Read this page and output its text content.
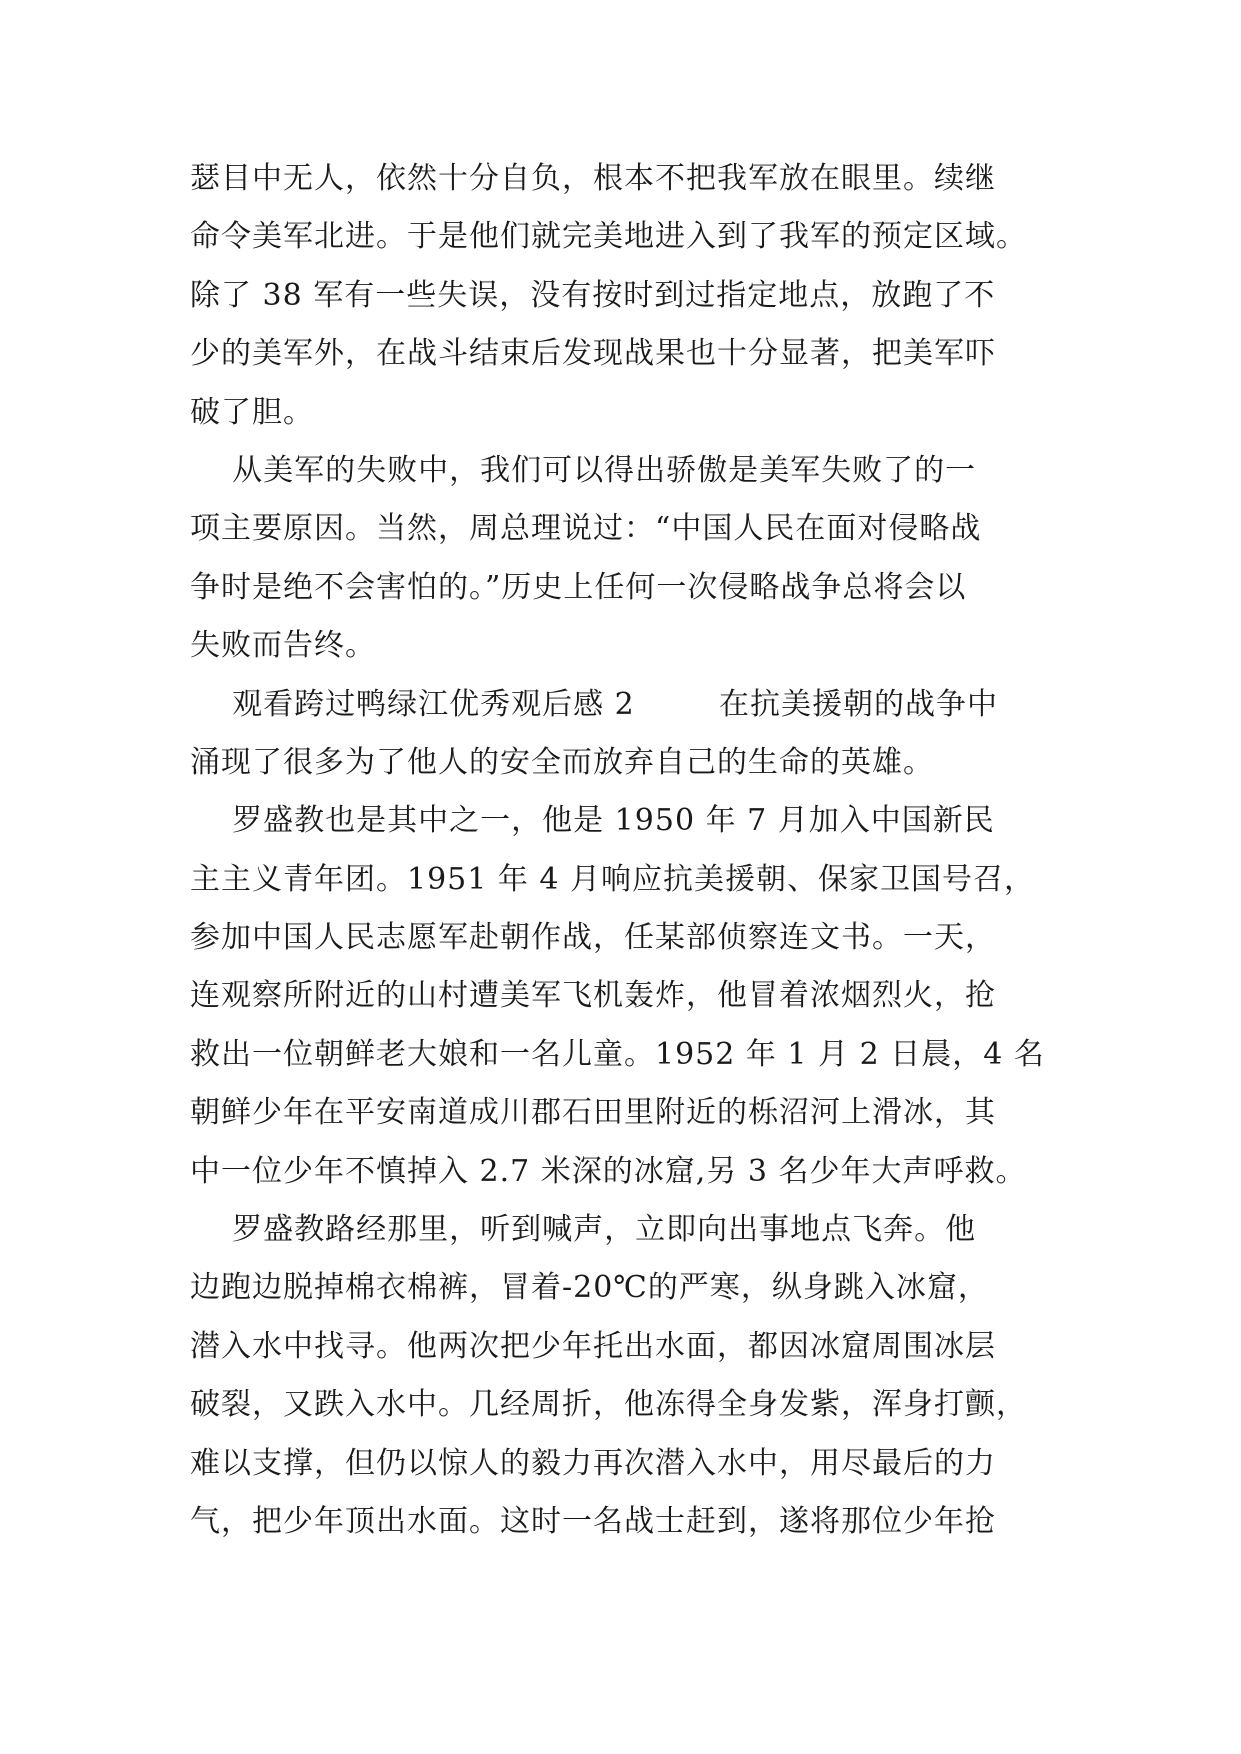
瑟目中无人，依然十分自负，根本不把我军放在眼里。续继
命令美军北进。于是他们就完美地进入到了我军的预定区域。
除了 38 军有一些失误，没有按时到过指定地点，放跑了不
少的美军外，在战斗结束后发现战果也十分显著，把美军吓
破了胆。
从美军的失败中，我们可以得出骄傲是美军失败了的一
项主要原因。当然，周总理说过：“中国人民在面对侵略战
争时是绝不会害怕的。”历史上任何一次侵略战争总将会以
失败而告终。
观看跨过鸭绿江优秀观后感 2        在抗美援朝的战争中
涌现了很多为了他人的安全而放弃自己的生命的英雄。
罗盛教也是其中之一，他是 1950 年 7 月加入中国新民
主主义青年团。1951 年 4 月响应抗美援朝、保家卫国号召，
参加中国人民志愿军赴朝作战，任某部侦察连文书。一天，
连观察所附近的山村遭美军飞机轰炸，他冒着浓烟烈火，抢
救出一位朝鲜老大娘和一名儿童。1952 年 1 月 2 日晨，4 名
朝鲜少年在平安南道成川郡石田里附近的栎沼河上滑冰，其
中一位少年不慎掉入 2.7 米深的冰窟,另 3 名少年大声呼救。
罗盛教路经那里，听到喊声，立即向出事地点飞奔。他
边跑边脱掉棉衣棉裤，冒着-20℃的严寒，纵身跳入冰窟，
潜入水中找寻。他两次把少年托出水面，都因冰窟周围冰层
破裂，又跌入水中。几经周折，他冻得全身发紫，浑身打颤，
难以支撑，但仍以惊人的毅力再次潜入水中，用尽最后的力
气，把少年顶出水面。这时一名战士赶到，遂将那位少年抢
